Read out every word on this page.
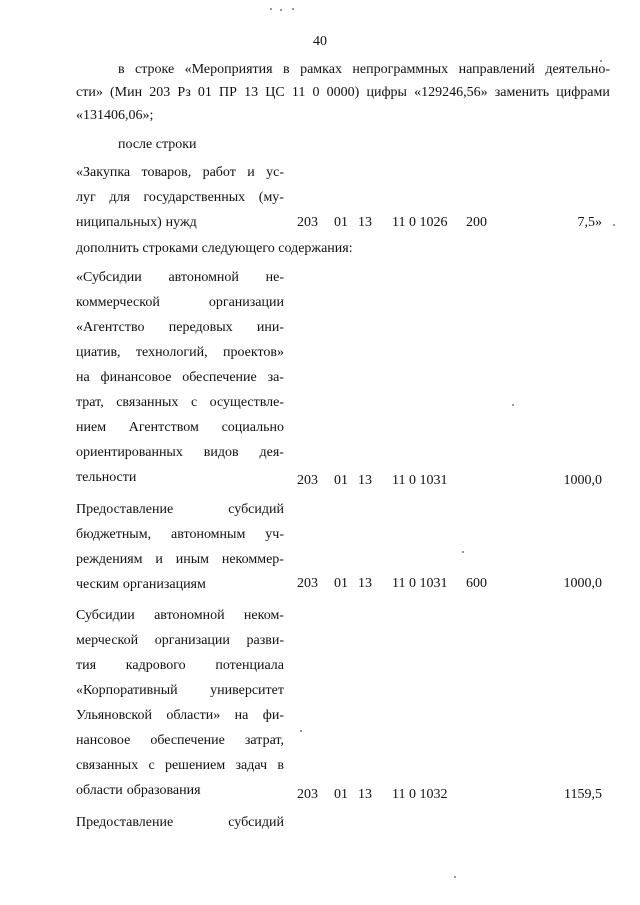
40
в строке «Мероприятия в рамках непрограммных направлений деятельно-
сти» (Мин 203 Рз 01 ПР 13 ЦС 11 0 0000) цифры «129246,56» заменить цифрами
«131406,06»;
после строки
«Закупка товаров, работ и ус-
луг для государственных (му-
ниципальных) нужд	203 01 13 11 0 1026 200	7,5»
дополнить строками следующего содержания:
«Субсидии автономной не-
коммерческой	организации
«Агентство передовых ини-
циатив, технологий, проектов»
на финансовое обеспечение за-
трат, связанных с осуществле-
нием Агентством социально
ориентированных видов дея-
тельности	203 01 13 11 0 1031	1000,0
Предоставление	субсидий
бюджетным, автономным уч-
реждениям и иным некоммер-
ческим организациям	203 01 13 11 0 1031 600	1000,0
Субсидии автономной неком-
мерческой организации разви-
тия кадрового потенциала
«Корпоративный университет
Ульяновской области» на фи-
нансовое обеспечение затрат,
связанных с решением задач в
области образования	203 01 13 11 0 1032	1159,5
Предоставление	субсидий
